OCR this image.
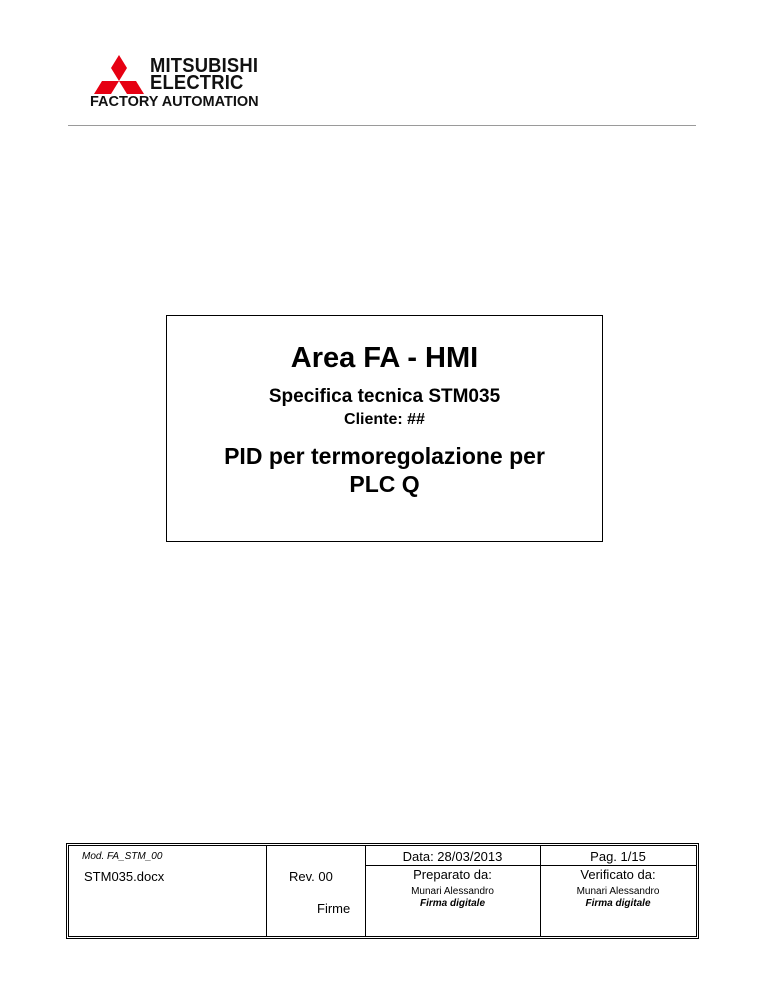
MITSUBISHI
ELECTRIC
FACTORY AUTOMATION
Area FA - HMI
Specifica tecnica STM035
Cliente: ##
PID per termoregolazione per
PLC Q
Mod. FA_STM_00
STM035.docx	Rev. 00
Firme
Data: 28/03/2013
Preparato da:
Munari Alessandro
Firma digitale
Pag. 1/15
Verificato da:
Munari Alessandro
Firma digitale
